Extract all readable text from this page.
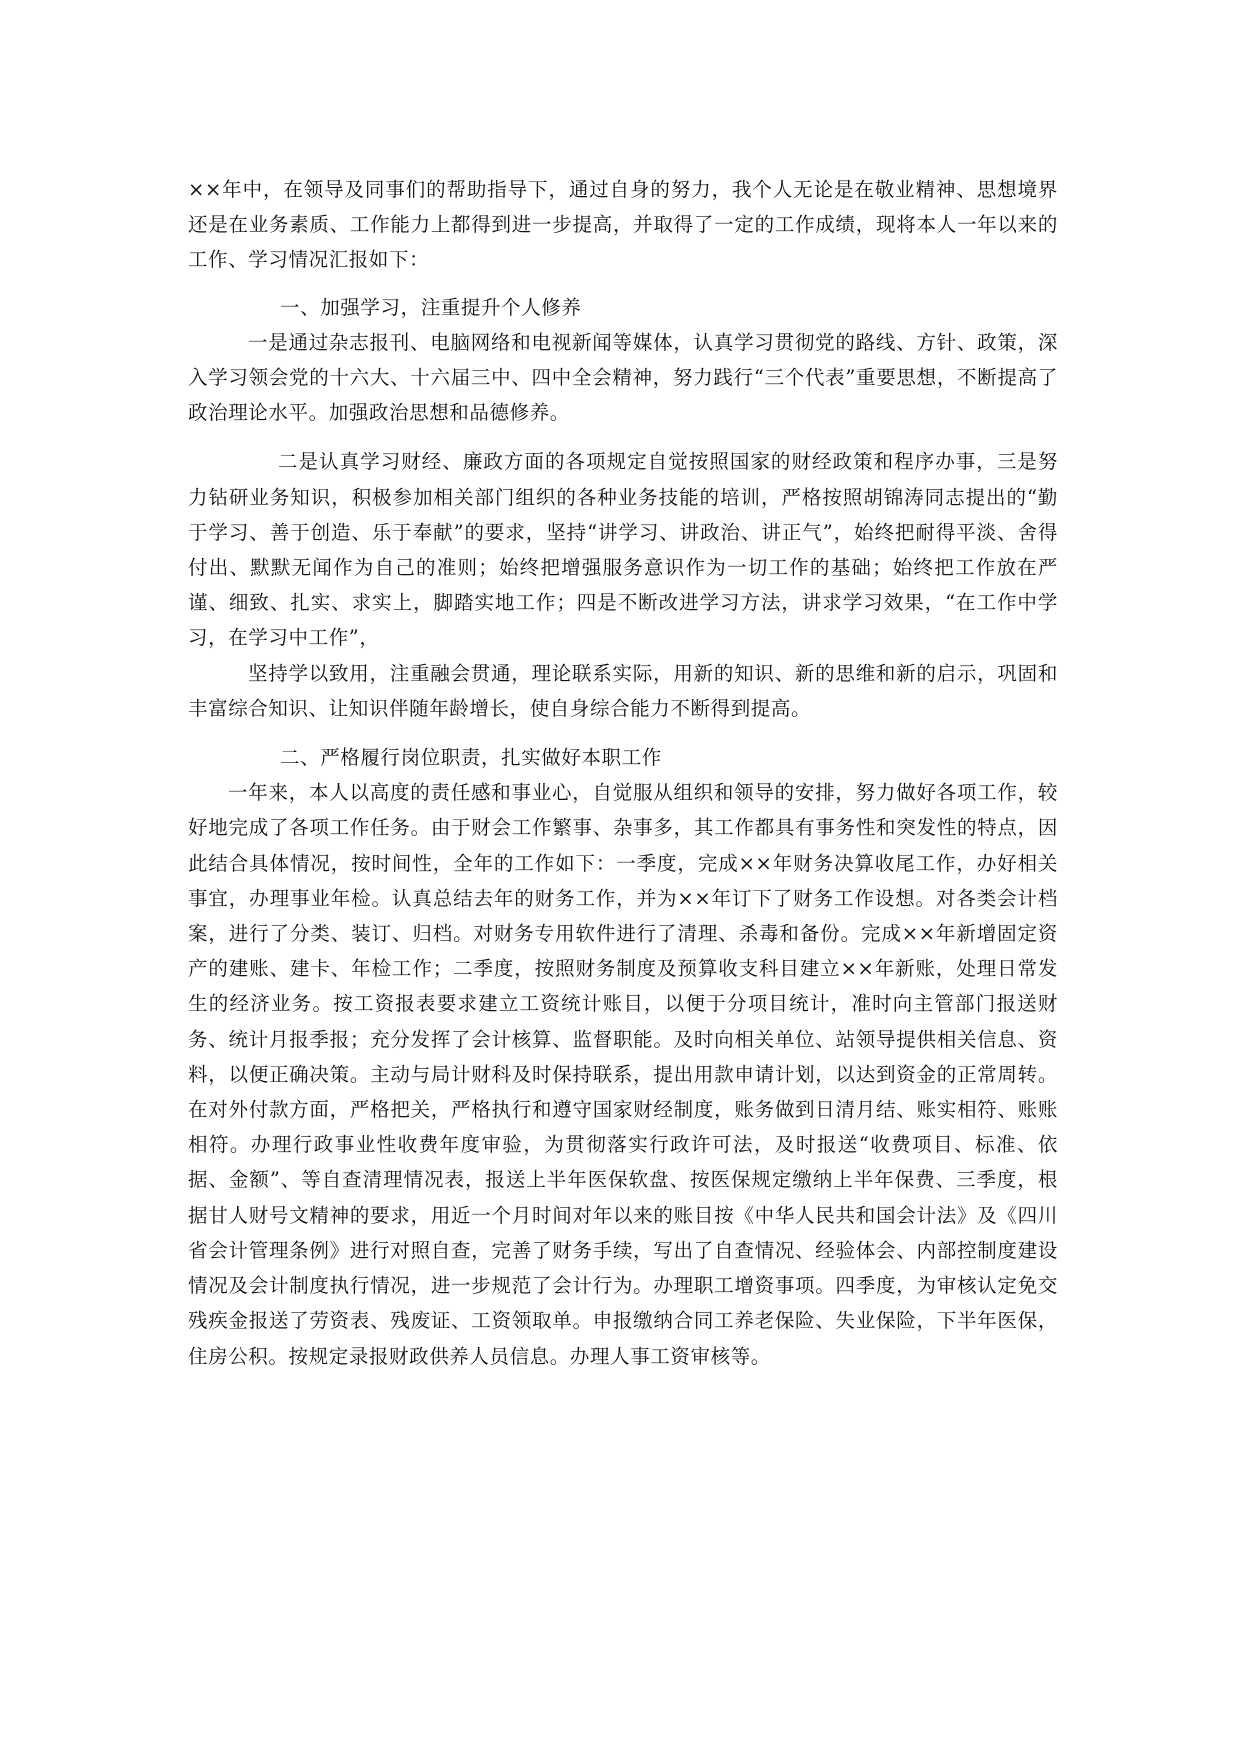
××年中，在领导及同事们的帮助指导下，通过自身的努力，我个人无论是在敬业精神、思想境界还是在业务素质、工作能力上都得到进一步提高，并取得了一定的工作成绩，现将本人一年以来的工作、学习情况汇报如下：

一、加强学习，注重提升个人修养

一是通过杂志报刊、电脑网络和电视新闻等媒体，认真学习贯彻党的路线、方针、政策，深入学习领会党的十六大、十六届三中、四中全会精神，努力践行“三个代表”重要思想，不断提高了政治理论水平。加强政治思想和品德修养。

二是认真学习财经、廉政方面的各项规定自觉按照国家的财经政策和程序办事，三是努力钻研业务知识，积极参加相关部门组织的各种业务技能的培训，严格按照胡锦涛同志提出的“勤于学习、善于创造、乐于奉献”的要求，坚持“讲学习、讲政治、讲正气”，始终把耐得平淡、舍得付出、默默无闻作为自己的准则；始终把增强服务意识作为一切工作的基础；始终把工作放在严谨、细致、扎实、求实上，脚踏实地工作；四是不断改进学习方法，讲求学习效果，“在工作中学习，在学习中工作”，

坚持学以致用，注重融会贯通，理论联系实际，用新的知识、新的思维和新的启示，巩固和丰富综合知识、让知识伴随年龄增长，使自身综合能力不断得到提高。

二、严格履行岗位职责，扎实做好本职工作

一年来，本人以高度的责任感和事业心，自觉服从组织和领导的安排，努力做好各项工作，较好地完成了各项工作任务。由于财会工作繁事、杂事多，其工作都具有事务性和突发性的特点，因此结合具体情况，按时间性，全年的工作如下：一季度，完成××年财务决算收尾工作，办好相关事宜，办理事业年检。认真总结去年的财务工作，并为××年订下了财务工作设想。对各类会计档案，进行了分类、装订、归档。对财务专用软件进行了清理、杀毒和备份。完成××年新增固定资产的建账、建卡、年检工作；二季度，按照财务制度及预算收支科目建立××年新账，处理日常发生的经济业务。按工资报表要求建立工资统计账目，以便于分项目统计，准时向主管部门报送财务、统计月报季报；充分发挥了会计核算、监督职能。及时向相关单位、站领导提供相关信息、资料，以便正确决策。主动与局计财科及时保持联系，提出用款申请计划，以达到资金的正常周转。在对外付款方面，严格把关，严格执行和遵守国家财经制度，账务做到日清月结、账实相符、账账相符。办理行政事业性收费年度审验，为贯彻落实行政许可法，及时报送“收费项目、标准、依据、金额”、等自查清理情况表，报送上半年医保软盘、按医保规定缴纳上半年保费、三季度，根据甘人财号文精神的要求，用近一个月时间对年以来的账目按《中华人民共和国会计法》及《四川省会计管理条例》进行对照自查，完善了财务手续，写出了自查情况、经验体会、内部控制度建设情况及会计制度执行情况，进一步规范了会计行为。办理职工增资事项。四季度，为审核认定免交残疾金报送了劳资表、残废证、工资领取单。申报缴纳合同工养老保险、失业保险，下半年医保，住房公积。按规定录报财政供养人员信息。办理人事工资审核等。
